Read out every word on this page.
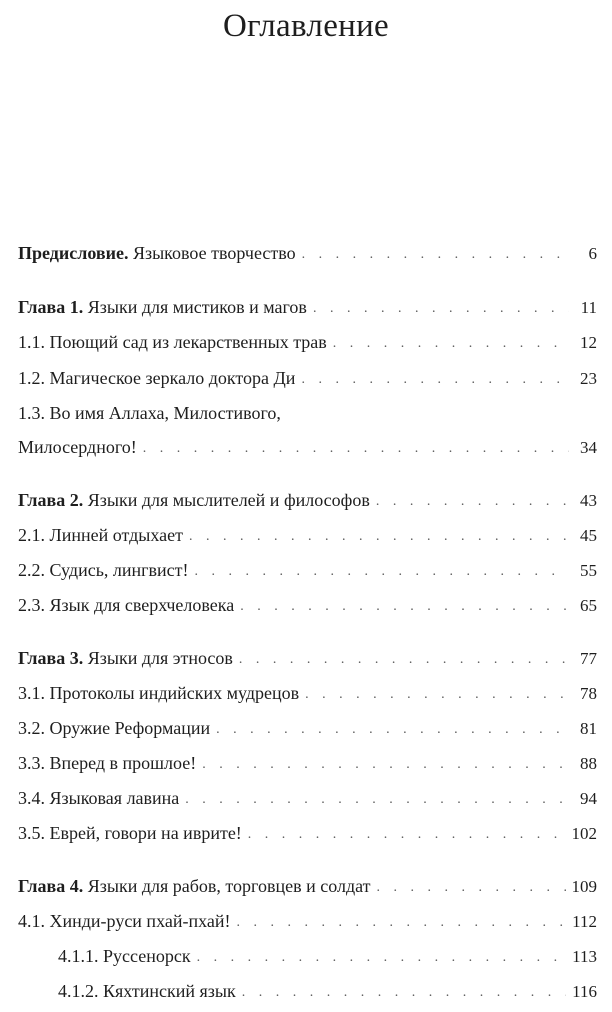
Оглавление
Предисловие. Языковое творчество . . .	6
Глава 1. Языки для мистиков и магов . . .	11
1.1. Поющий сад из лекарственных трав . . .	12
1.2. Магическое зеркало доктора Ди . . .	23
1.3. Во имя Аллаха, Милостивого,
Милосердного! . . .	34
Глава 2. Языки для мыслителей и философов . . .	43
2.1. Линней отдыхает . . .	45
2.2. Судись, лингвист! . . .	55
2.3. Язык для сверхчеловека . . .	65
Глава 3. Языки для этносов . . .	77
3.1. Протоколы индийских мудрецов . . .	78
3.2. Оружие Реформации . . .	81
3.3. Вперед в прошлое! . . .	88
3.4. Языковая лавина . . .	94
3.5. Еврей, говори на иврите! . . .	102
Глава 4. Языки для рабов, торговцев и солдат . . .	109
4.1. Хинди-руси пхай-пхай! . . .	112
4.1.1. Руссенорск . . .	113
4.1.2. Кяхтинский язык . . .	116
